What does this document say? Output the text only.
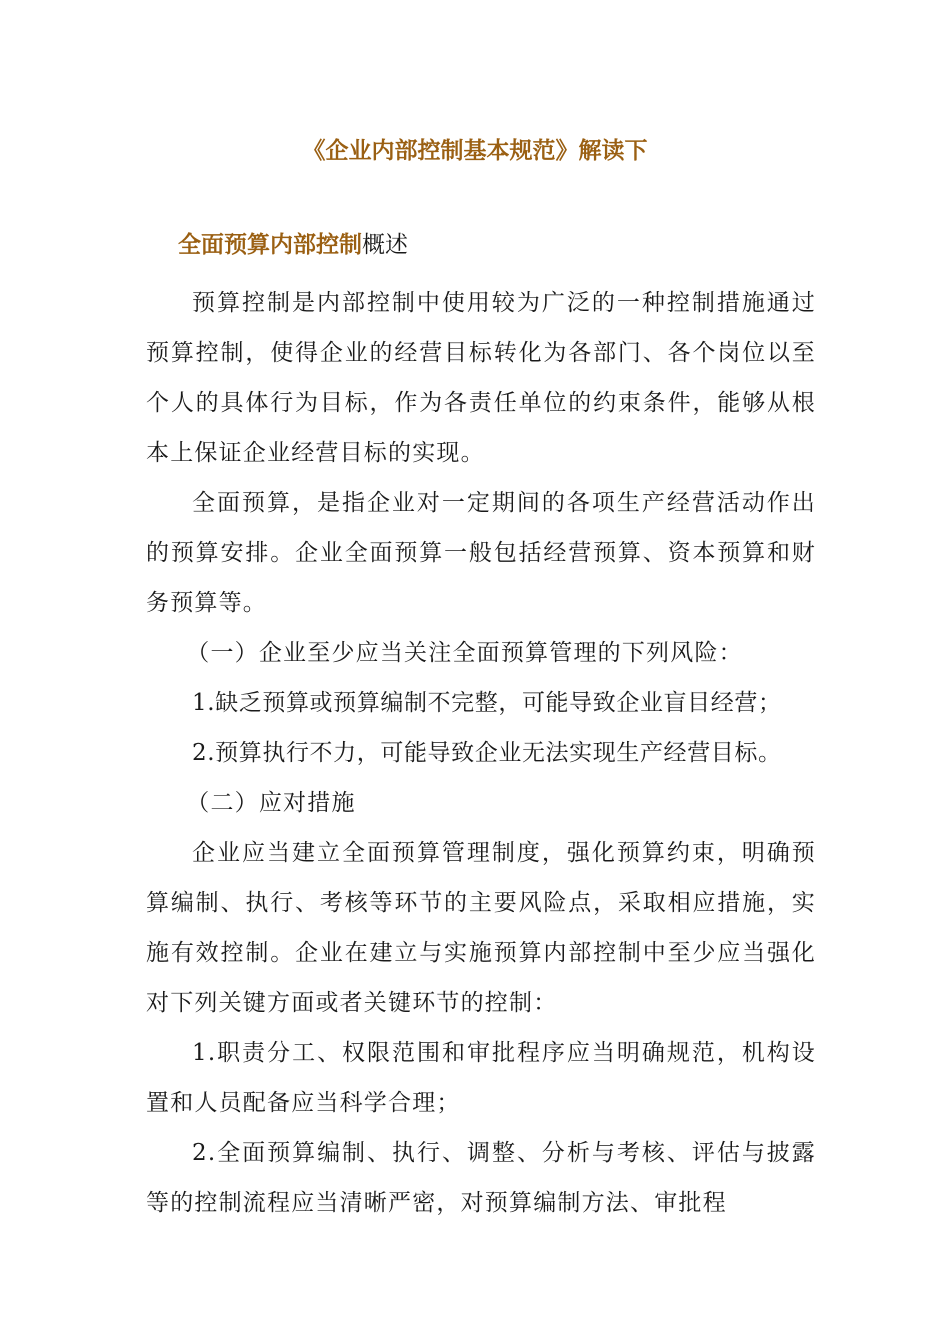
《企业内部控制基本规范》解读下
全面预算内部控制概述

预算控制是内部控制中使用较为广泛的一种控制措施通过预算控制，使得企业的经营目标转化为各部门、各个岗位以至个人的具体行为目标，作为各责任单位的约束条件，能够从根本上保证企业经营目标的实现。

全面预算，是指企业对一定期间的各项生产经营活动作出的预算安排。企业全面预算一般包括经营预算、资本预算和财务预算等。

（一）企业至少应当关注全面预算管理的下列风险：

1.缺乏预算或预算编制不完整，可能导致企业盲目经营；

2.预算执行不力，可能导致企业无法实现生产经营目标。

（二）应对措施

企业应当建立全面预算管理制度，强化预算约束，明确预算编制、执行、考核等环节的主要风险点，采取相应措施，实施有效控制。企业在建立与实施预算内部控制中至少应当强化对下列关键方面或者关键环节的控制：

1.职责分工、权限范围和审批程序应当明确规范，机构设置和人员配备应当科学合理；

2.全面预算编制、执行、调整、分析与考核、评估与披露等的控制流程应当清晰严密，对预算编制方法、审批程
